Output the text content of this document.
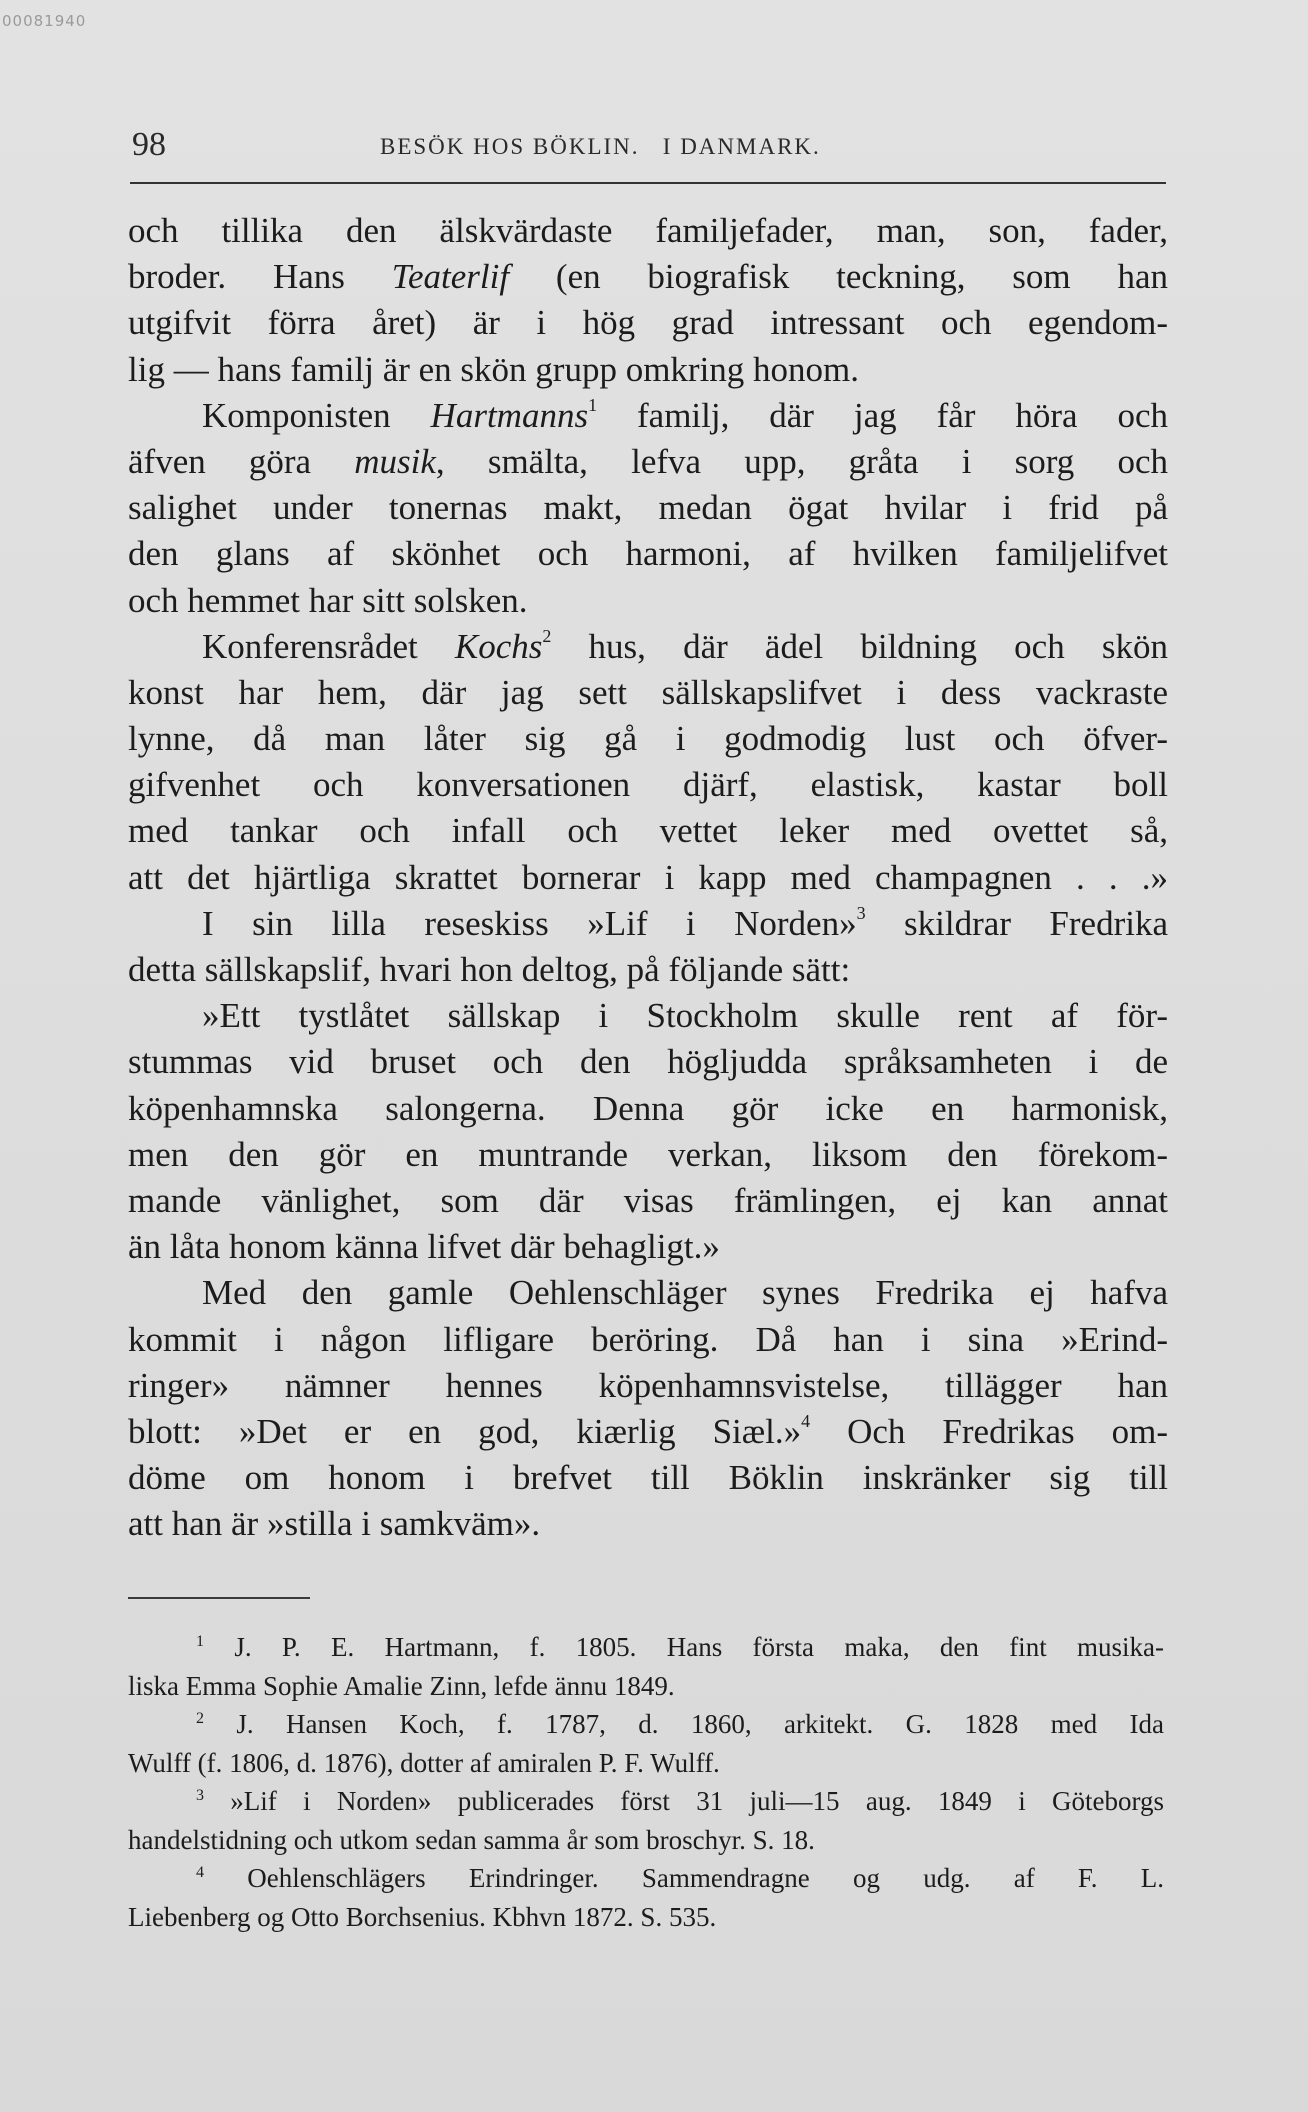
00081940
98	BESÖK HOS BÖKLIN.   I DANMARK.
och tillika den älskvärdaste familjefader, man, son, fader,
broder. Hans Teaterlif (en biografisk teckning, som han
utgifvit förra året) är i hög grad intressant och egendom-
lig — hans familj är en skön grupp omkring honom.
Komponisten Hartmanns$^1$ familj, där jag får höra och
äfven göra musik, smälta, lefva upp, gråta i sorg och
salighet under tonernas makt, medan ögat hvilar i frid på
den glans af skönhet och harmoni, af hvilken familjelifvet
och hemmet har sitt solsken.
Konferensrådet Kochs$^2$ hus, där ädel bildning och skön
konst har hem, där jag sett sällskapslifvet i dess vackraste
lynne, då man låter sig gå i godmodig lust och öfver-
gifvenhet och konversationen djärf, elastisk, kastar boll
med tankar och infall och vettet leker med ovettet så,
att det hjärtliga skrattet bornerar i kapp med champagnen . . .»
I sin lilla reseskiss »Lif i Norden»$^3$ skildrar Fredrika
detta sällskapslif, hvari hon deltog, på följande sätt:
»Ett tystlåtet sällskap i Stockholm skulle rent af för-
stummas vid bruset och den högljudda språksamheten i de
köpenhamnska salongerna. Denna gör icke en harmonisk,
men den gör en muntrande verkan, liksom den förekom-
mande vänlighet, som där visas främlingen, ej kan annat
än låta honom känna lifvet där behagligt.»
Med den gamle Oehlenschläger synes Fredrika ej hafva
kommit i någon lifligare beröring. Då han i sina »Erind-
ringer» nämner hennes köpenhamnsvistelse, tillägger han
blott: »Det er en god, kiærlig Siæl.»$^4$ Och Fredrikas om-
döme om honom i brefvet till Böklin inskränker sig till
att han är »stilla i samkväm».
$^1$ J. P. E. Hartmann, f. 1805. Hans första maka, den fint musika-
liska Emma Sophie Amalie Zinn, lefde ännu 1849.
$^2$ J. Hansen Koch, f. 1787, d. 1860, arkitekt. G. 1828 med Ida
Wulff (f. 1806, d. 1876), dotter af amiralen P. F. Wulff.
$^3$ »Lif i Norden» publicerades först 31 juli—15 aug. 1849 i Göteborgs
handelstidning och utkom sedan samma år som broschyr. S. 18.
$^4$ Oehlenschlägers Erindringer. Sammendragne og udg. af F. L.
Liebenberg og Otto Borchsenius. Kbhvn 1872. S. 535.
